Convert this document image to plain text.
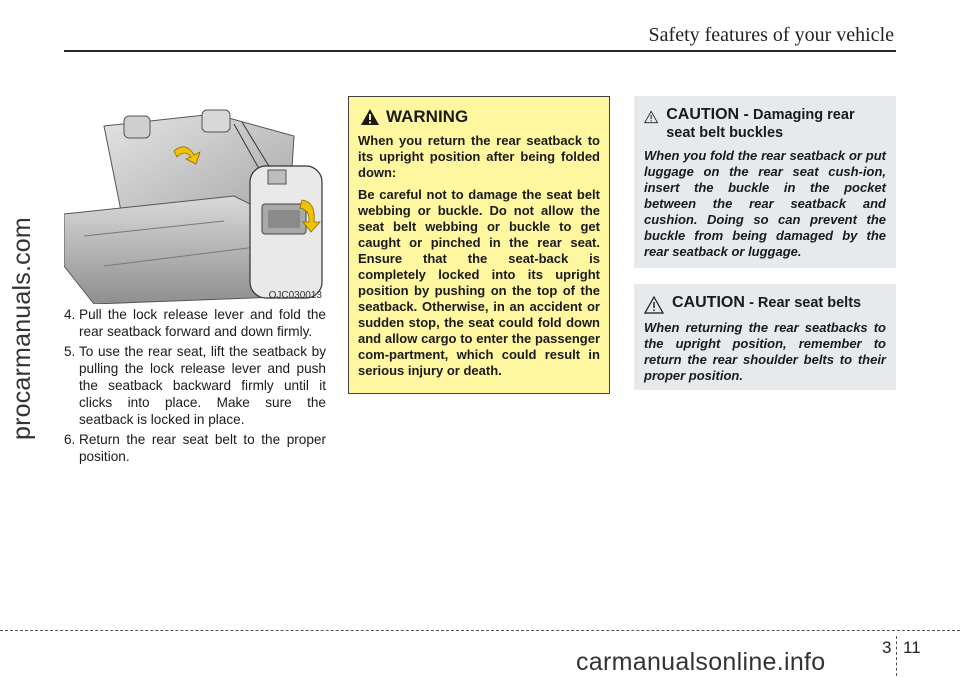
Safety features of your vehicle
procarmanuals.com	OJC030013
4. Pull the lock release lever and fold the rear seatback forward and down firmly.
5. To use the rear seat, lift the seatback by pulling the lock release lever and push the seatback backward firmly until it clicks into place. Make sure the seatback is locked in place.
6. Return the rear seat belt to the proper position.
WARNING

When you return the rear seatback to its upright position after being folded down:

Be careful not to damage the seat belt webbing or buckle. Do not allow the seat belt webbing or buckle to get caught or pinched in the rear seat. Ensure that the seat-back is completely locked into its upright position by pushing on the top of the seatback. Otherwise, in an accident or sudden stop, the seat could fold down and allow cargo to enter the passenger com-partment, which could result in serious injury or death.

CAUTION - Damaging rear seat belt buckles

When you fold the rear seatback or put luggage on the rear seat cush-ion, insert the buckle in the pocket between the rear seatback and cushion. Doing so can prevent the buckle from being damaged by the rear seatback or luggage.

CAUTION - Rear seat belts

When returning the rear seatbacks to the upright position, remember to return the rear shoulder belts to their proper position.

3 11
carmanualsonline.info
